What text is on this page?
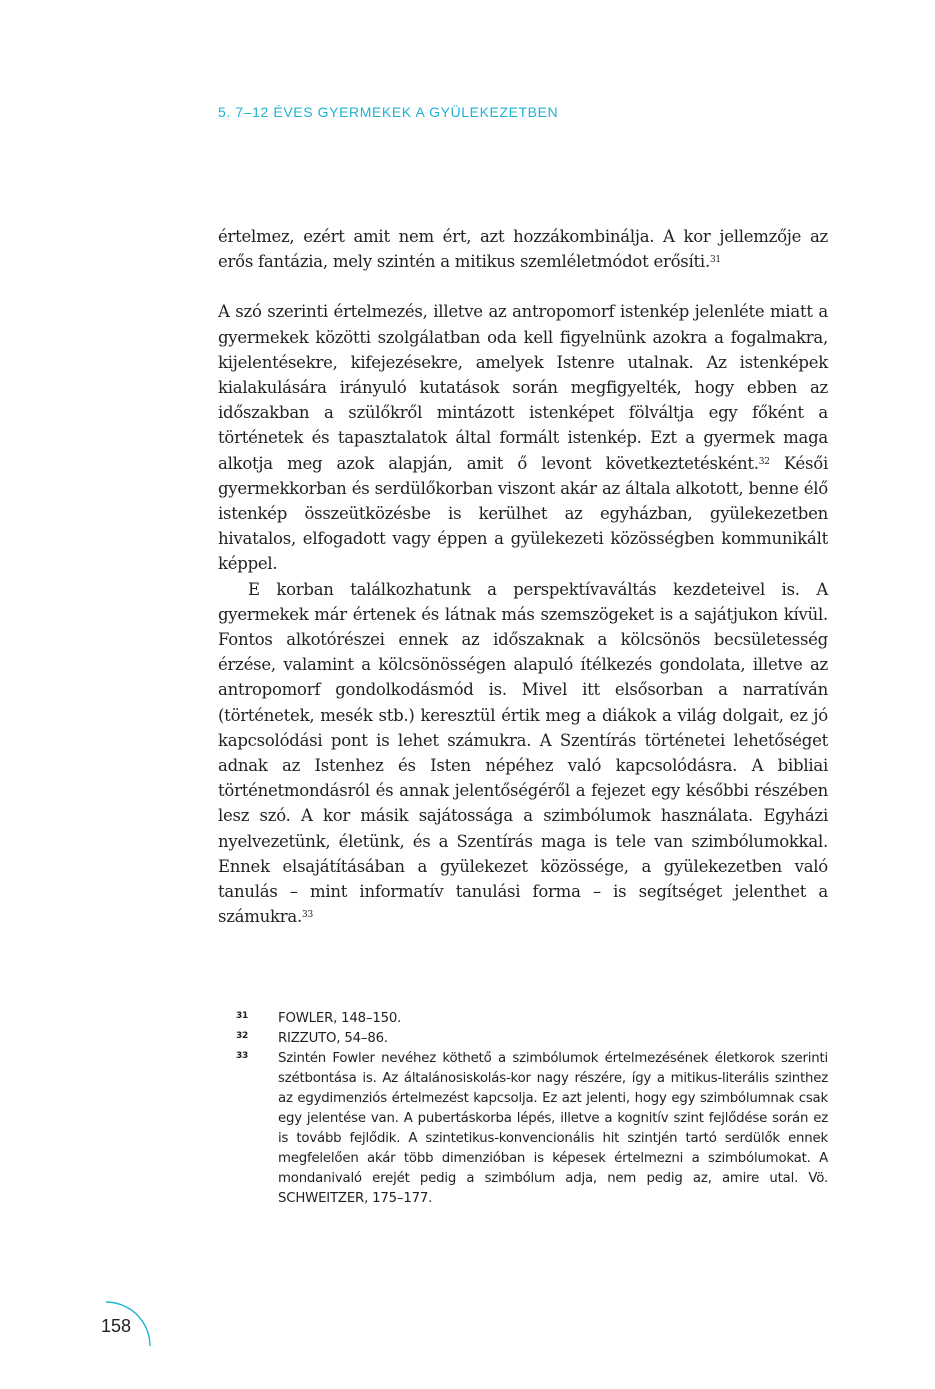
5. 7–12 ÉVES GYERMEKEK A GYÜLEKEZETBEN

értelmez, ezért amit nem ért, azt hozzákombinálja. A kor jellemzője az erős fantázia, mely szintén a mitikus szemléletmódot erősíti.$^{31}$

A szó szerinti értelmezés, illetve az antropomorf istenkép jelenléte miatt a gyermekek közötti szolgálatban oda kell figyelnünk azokra a fogalmakra, kijelentésekre, kifejezésekre, amelyek Istenre utalnak. Az istenképek kialakulására irányuló kutatások során megfigyelték, hogy ebben az időszakban a szülőkről mintázott istenképet fölváltja egy főként a történetek és tapasztalatok által formált istenkép. Ezt a gyermek maga alkotja meg azok alapján, amit ő levont következtetésként.$^{32}$ Késői gyermekkorban és serdülőkorban viszont akár az általa alkotott, benne élő istenkép összeütközésbe is kerülhet az egyházban, gyülekezetben hivatalos, elfogadott vagy éppen a gyülekezeti közösségben kommunikált képpel.

E korban találkozhatunk a perspektívaváltás kezdeteivel is. A gyermekek már értenek és látnak más szemszögeket is a sajátjukon kívül. Fontos alkotórészei ennek az időszaknak a kölcsönös becsületesség érzése, valamint a kölcsönösségen alapuló ítélkezés gondolata, illetve az antropomorf gondolkodásmód is. Mivel itt elsősorban a narratíván (történetek, mesék stb.) keresztül értik meg a diákok a világ dolgait, ez jó kapcsolódási pont is lehet számukra. A Szentírás történetei lehetőséget adnak az Istenhez és Isten népéhez való kapcsolódásra. A bibliai történetmondásról és annak jelentőségéről a fejezet egy későbbi részében lesz szó. A kor másik sajátossága a szimbólumok használata. Egyházi nyelvezetünk, életünk, és a Szentírás maga is tele van szimbólumokkal. Ennek elsajátításában a gyülekezet közössége, a gyülekezetben való tanulás – mint informatív tanulási forma – is segítséget jelenthet a számukra.$^{33}$

31	FOWLER, 148–150.
32	RIZZUTO, 54–86.
33	Szintén Fowler nevéhez köthető a szimbólumok értelmezésének életkorok szerinti szétbontása is. Az általánosiskolás-kor nagy részére, így a mitikus-literális szinthez az egydimenziós értelmezést kapcsolja. Ez azt jelenti, hogy egy szimbólumnak csak egy jelentése van. A pubertáskorba lépés, illetve a kognitív szint fejlődése során ez is tovább fejlődik. A szintetikus-konvencionális hit szintjén tartó serdülők ennek megfelelően akár több dimenzióban is képesek értelmezni a szimbólumokat. A mondanivaló erejét pedig a szimbólum adja, nem pedig az, amire utal. Vö. SCHWEITZER, 175–177.
158
